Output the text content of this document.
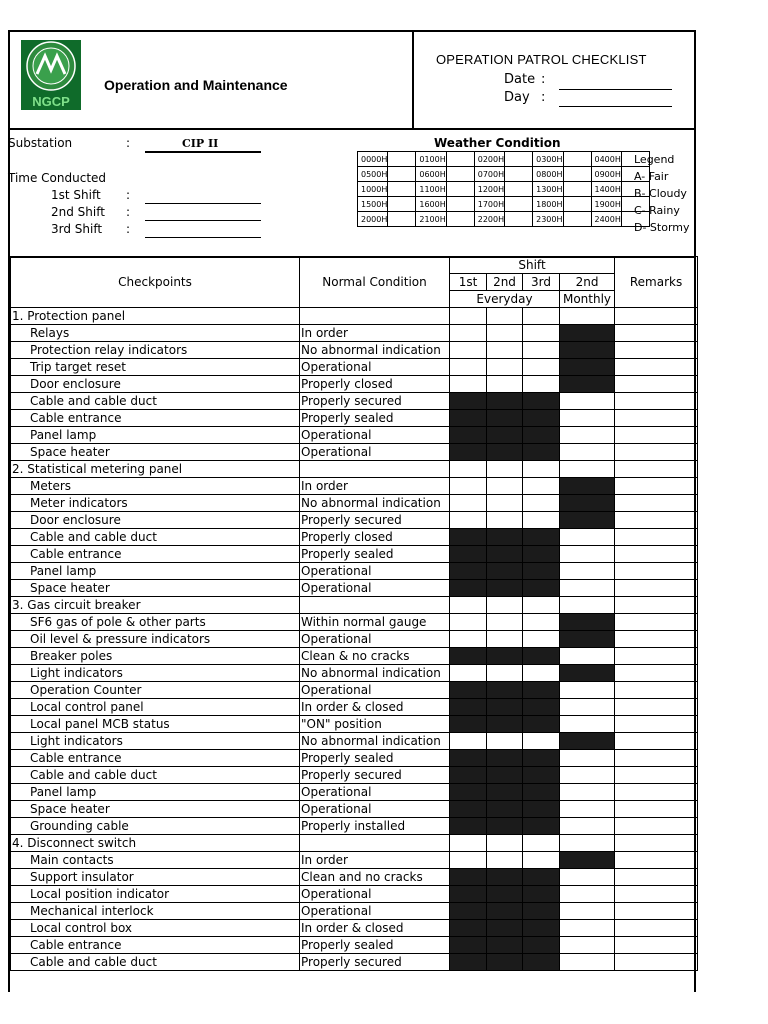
NGCP
Operation and Maintenance
OPERATION PATROL CHECKLIST
Date :
Day :
Substation	:	CIP II
Time Conducted
1st Shift :
2nd Shift :
3rd Shift :
Weather Condition
0000H		0100H		0200H		0300H		0400H	
0500H		0600H		0700H		0800H		0900H	
1000H		1100H		1200H		1300H		1400H	
1500H		1600H		1700H		1800H		1900H	
2000H		2100H		2200H		2300H		2400H	
Legend
A- Fair
B- Cloudy
C- Rainy
D- Stormy
Checkpoints	Normal Condition	Shift				Remarks
		1st	2nd	3rd	2nd	
		Everyday			Monthly	
1. Protection panel						
Relays	In order					
Protection relay indicators	No abnormal indication					
Trip target reset	Operational					
Door enclosure	Properly closed					
Cable and cable duct	Properly secured					
Cable entrance	Properly sealed					
Panel lamp	Operational					
Space heater	Operational					
2. Statistical metering panel						
Meters	In order					
Meter indicators	No abnormal indication					
Door enclosure	Properly secured					
Cable and cable duct	Properly closed					
Cable entrance	Properly sealed					
Panel lamp	Operational					
Space heater	Operational					
3. Gas circuit breaker						
SF6 gas of pole & other parts	Within normal gauge					
Oil level & pressure indicators	Operational					
Breaker poles	Clean & no cracks					
Light indicators	No abnormal indication					
Operation Counter	Operational					
Local control panel	In order & closed					
Local panel MCB status	"ON" position					
Light indicators	No abnormal indication					
Cable entrance	Properly sealed					
Cable and cable duct	Properly secured					
Panel lamp	Operational					
Space heater	Operational					
Grounding cable	Properly installed					
4. Disconnect switch						
Main contacts	In order					
Support insulator	Clean and no cracks					
Local position indicator	Operational					
Mechanical interlock	Operational					
Local control box	In order & closed					
Cable entrance	Properly sealed					
Cable and cable duct	Properly secured					
